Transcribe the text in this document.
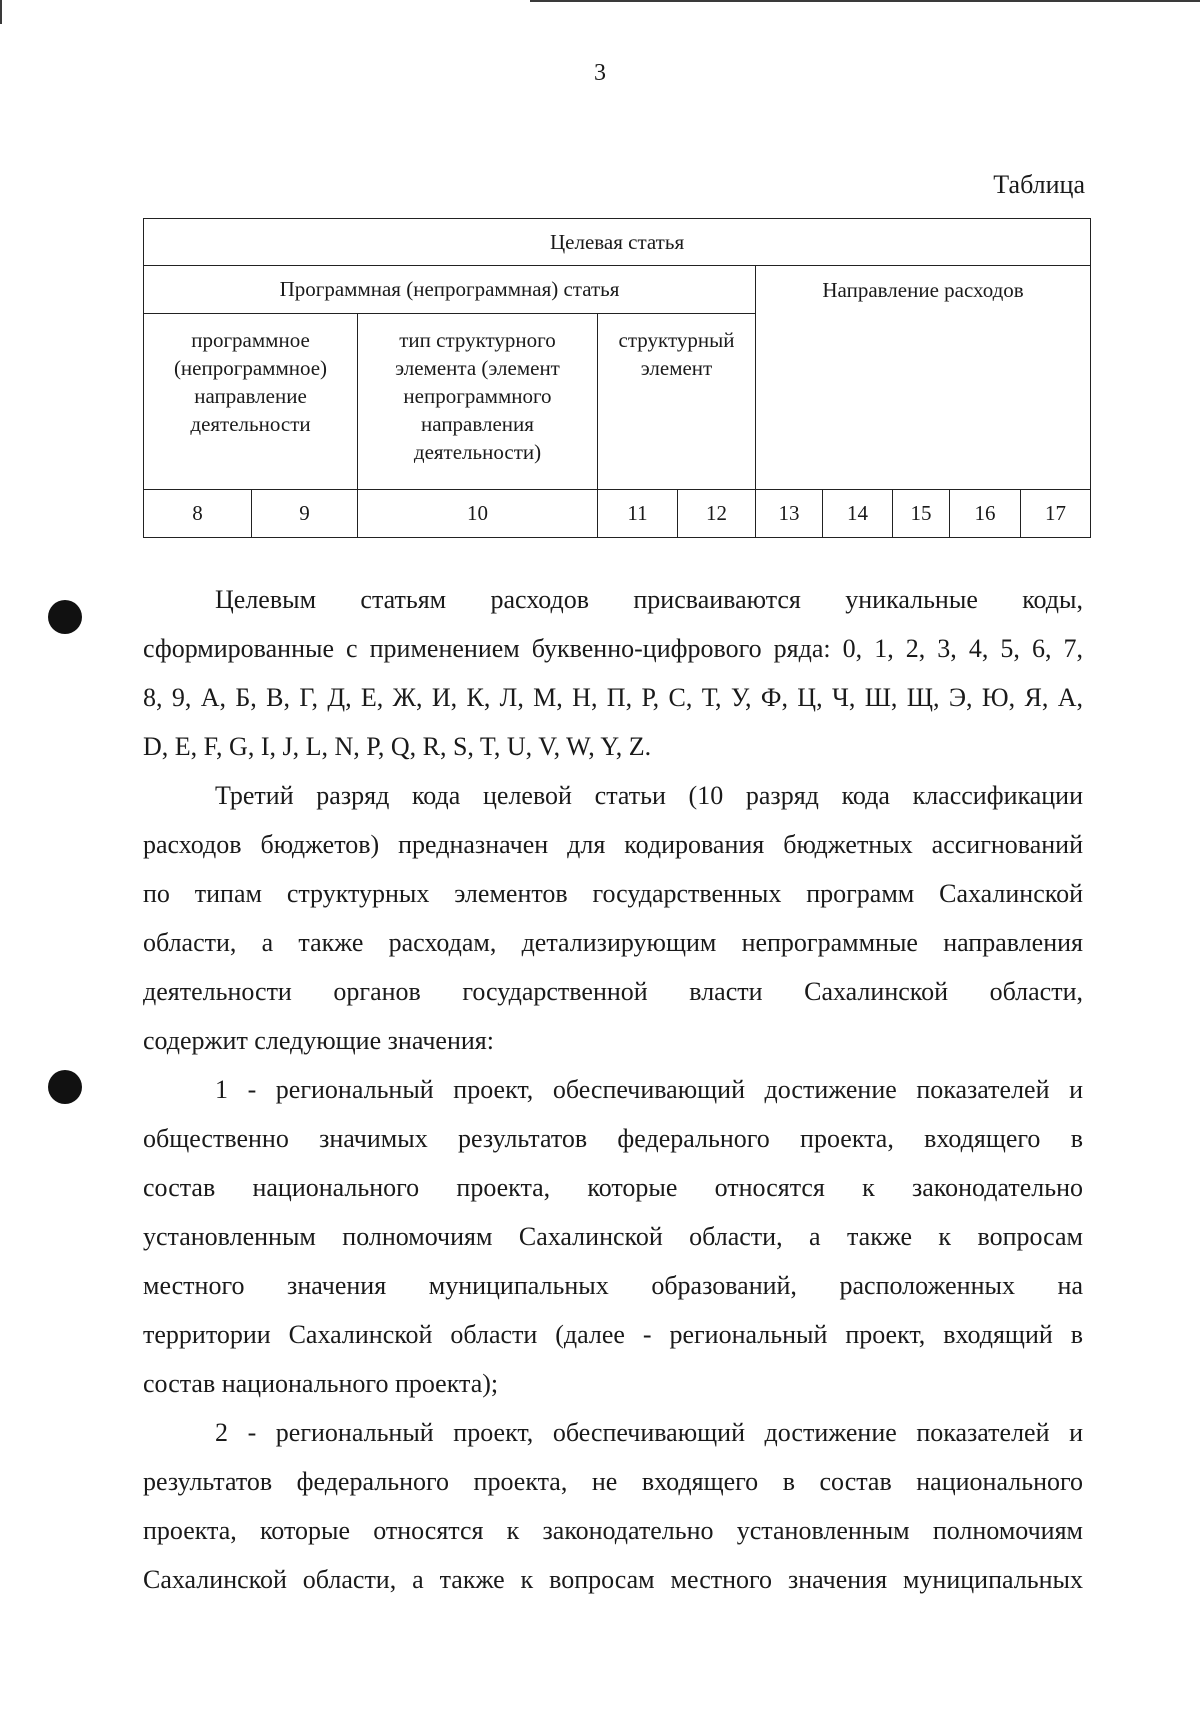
3
Таблица
Целевая статья									
Программная (непрограммная) статья					Направление расходов				
программное (непрограммное) направление деятельности		тип структурного элемента (элемент непрограммного направления деятельности)	структурный элемент						
8	9	10	11	12	13	14	15	16	17

Целевым статьям расходов присваиваются уникальные коды,
сформированные с применением буквенно-цифрового ряда: 0, 1, 2, 3, 4, 5, 6, 7,
8, 9, А, Б, В, Г, Д, Е, Ж, И, К, Л, М, Н, П, Р, С, Т, У, Ф, Ц, Ч, Ш, Щ, Э, Ю, Я, A,
D, E, F, G, I, J, L, N, P, Q, R, S, T, U, V, W, Y, Z.

Третий разряд кода целевой статьи (10 разряд кода классификации
расходов бюджетов) предназначен для кодирования бюджетных ассигнований
по типам структурных элементов государственных программ Сахалинской
области, а также расходам, детализирующим непрограммные направления
деятельности органов государственной власти Сахалинской области,
содержит следующие значения:

1 - региональный проект, обеспечивающий достижение показателей и
общественно значимых результатов федерального проекта, входящего в
состав национального проекта, которые относятся к законодательно
установленным полномочиям Сахалинской области, а также к вопросам
местного значения муниципальных образований, расположенных на
территории Сахалинской области (далее - региональный проект, входящий в
состав национального проекта);

2 - региональный проект, обеспечивающий достижение показателей и
результатов федерального проекта, не входящего в состав национального
проекта, которые относятся к законодательно установленным полномочиям
Сахалинской области, а также к вопросам местного значения муниципальных
